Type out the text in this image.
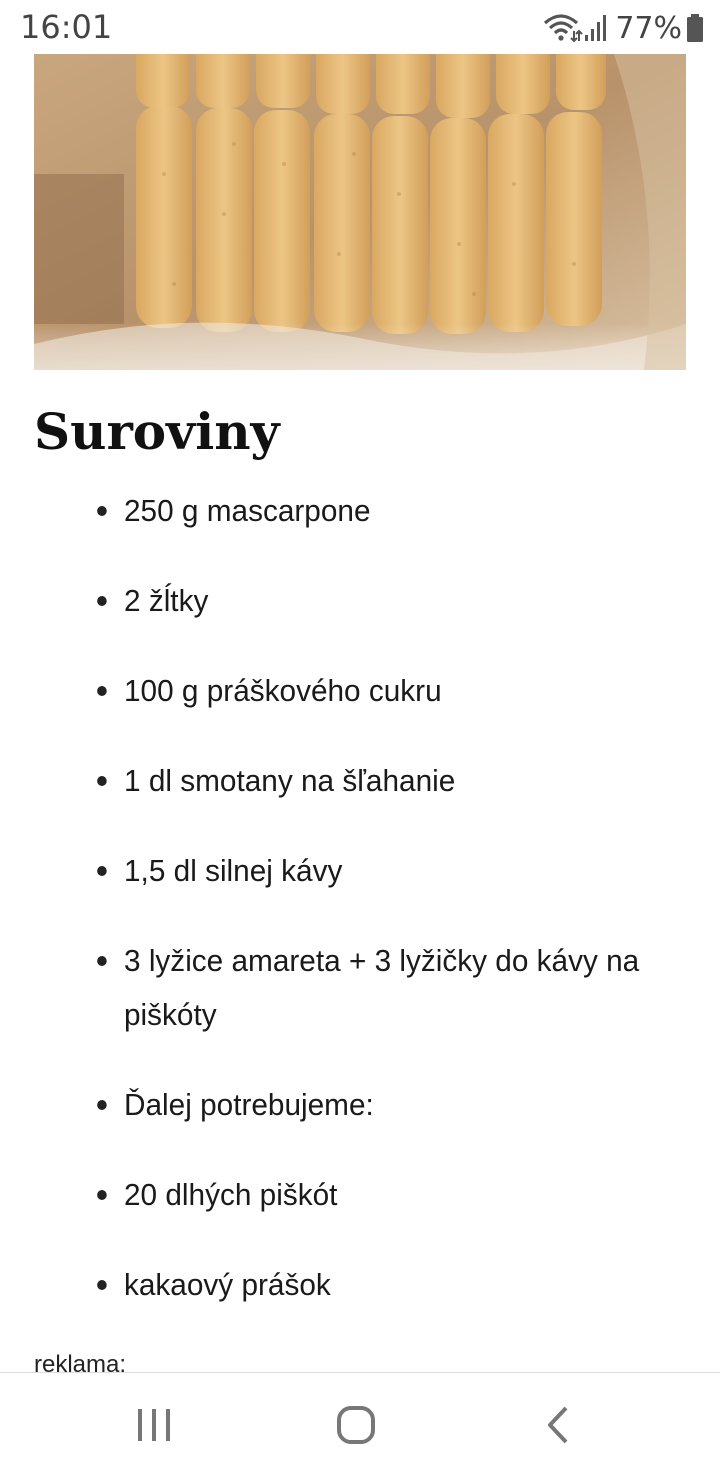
16:01	77%
Suroviny
250 g mascarpone
2 žĺtky
100 g práškového cukru
1 dl smotany na šľahanie
1,5 dl silnej kávy
3 lyžice amareta + 3 lyžičky do kávy na piškóty
Ďalej potrebujeme:
20 dlhých piškót
kakaový prášok
reklama:
